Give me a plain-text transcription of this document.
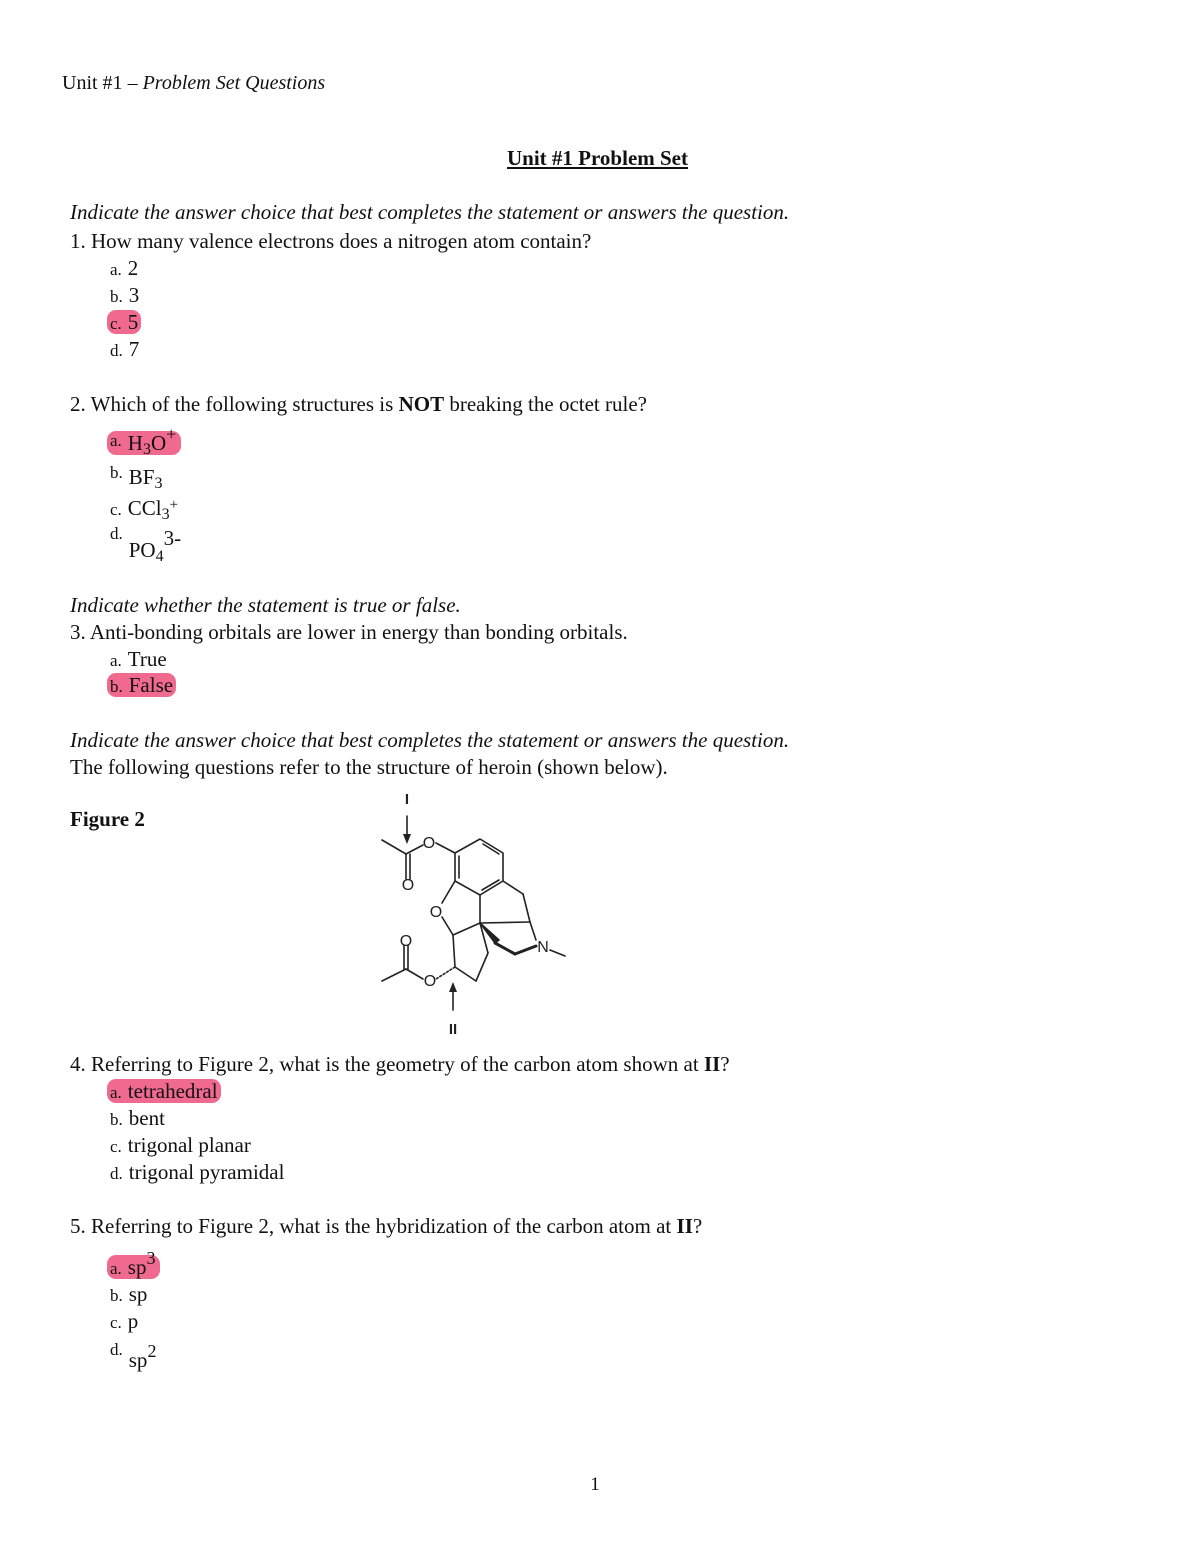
Unit #1 – Problem Set Questions
Unit #1 Problem Set
Indicate the answer choice that best completes the statement or answers the question.
1. How many valence electrons does a nitrogen atom contain?
a. 2
b. 3
c. 5
d. 7
2. Which of the following structures is NOT breaking the octet rule?
a. $H_3O+$
$^{b.}$ $BF_3$
c. CCl$_3$+
$^{d.}PO_43-$
Indicate whether the statement is true or false.
3. Anti-bonding orbitals are lower in energy than bonding orbitals.
a. True
b. False
Indicate the answer choice that best completes the statement or answers the question.
The following questions refer to the structure of heroin (shown below).
Figure 2
I
O
O
O
O
O
N
II
4. Referring to Figure 2, what is the geometry of the carbon atom shown at II?
a. tetrahedral
b. bent
c. trigonal planar
d. trigonal pyramidal
5. Referring to Figure 2, what is the hybridization of the carbon atom at II?
a. sp3
b. sp
c. p
d. sp2
1
